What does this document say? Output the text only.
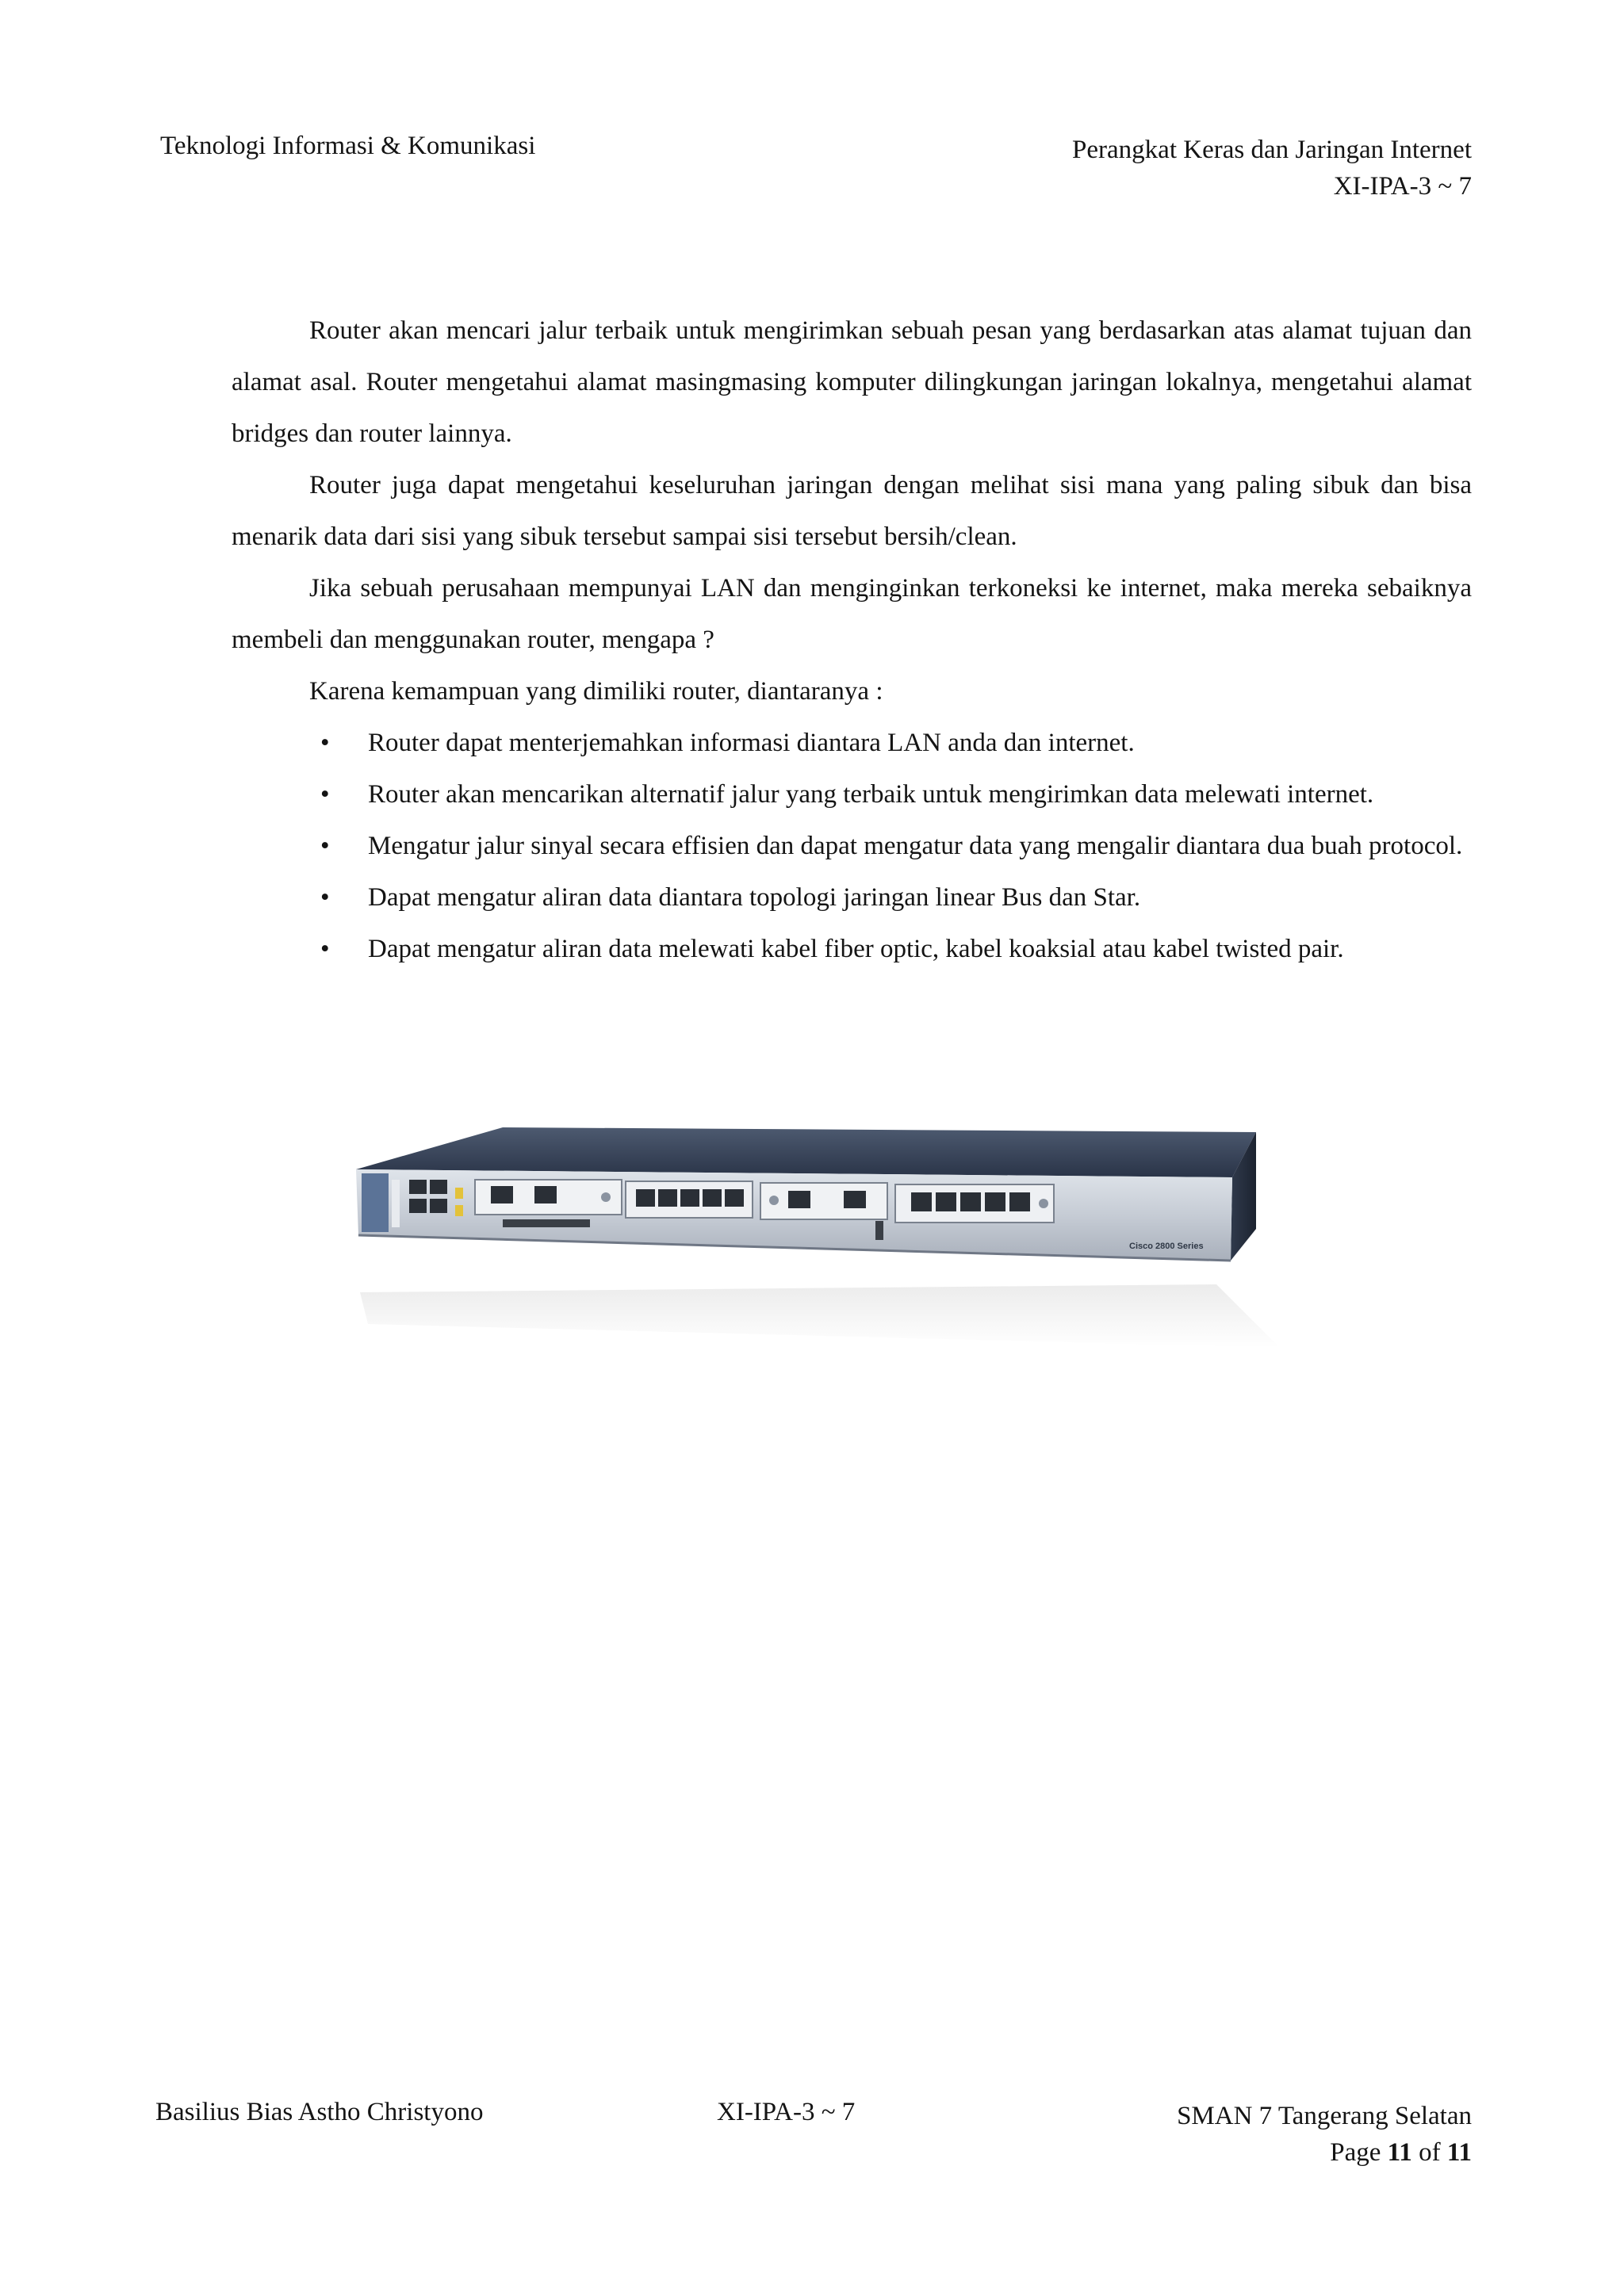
Teknologi Informasi & Komunikasi	Perangkat Keras dan Jaringan Internet
XI-IPA-3 ~ 7

Router akan mencari jalur terbaik untuk mengirimkan sebuah pesan yang berdasarkan atas alamat tujuan dan alamat asal. Router mengetahui alamat masingmasing komputer dilingkungan jaringan lokalnya, mengetahui alamat bridges dan router lainnya.

Router juga dapat mengetahui keseluruhan jaringan dengan melihat sisi mana yang paling sibuk dan bisa menarik data dari sisi yang sibuk tersebut sampai sisi tersebut bersih/clean.

Jika sebuah perusahaan mempunyai LAN dan menginginkan terkoneksi ke internet, maka mereka sebaiknya membeli dan menggunakan router, mengapa ?

Karena kemampuan yang dimiliki router, diantaranya :

• Router dapat menterjemahkan informasi diantara LAN anda dan internet.
• Router akan mencarikan alternatif jalur yang terbaik untuk mengirimkan data melewati internet.
• Mengatur jalur sinyal secara effisien dan dapat mengatur data yang mengalir diantara dua buah protocol.
• Dapat mengatur aliran data diantara topologi jaringan linear Bus dan Star.
• Dapat mengatur aliran data melewati kabel fiber optic, kabel koaksial atau kabel twisted pair.
Cisco 2800 Series
Basilius Bias Astho Christyono	XI-IPA-3 ~ 7	SMAN 7 Tangerang Selatan
Page 11 of 11
